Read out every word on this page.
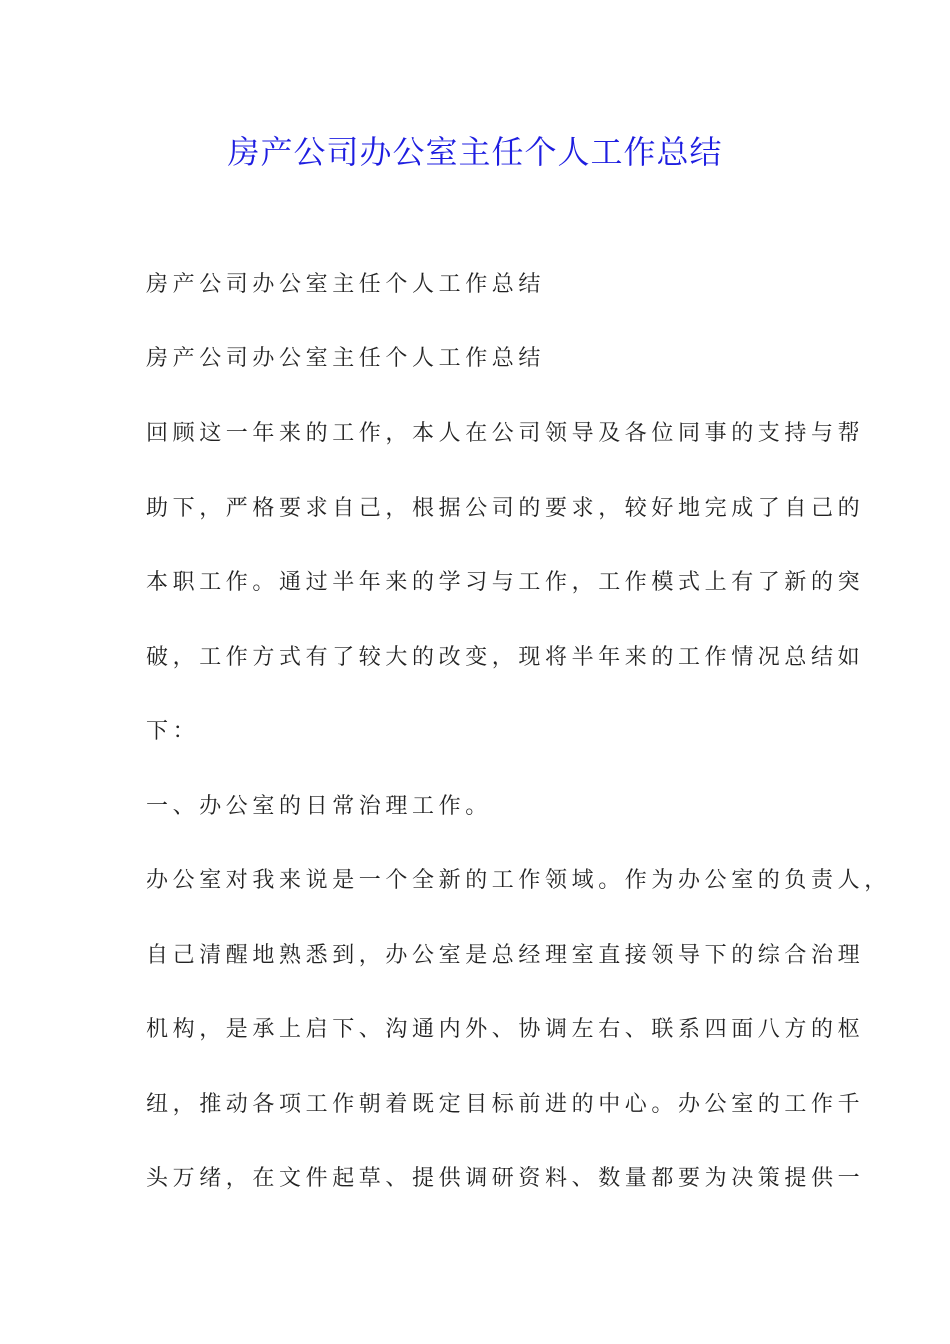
房产公司办公室主任个人工作总结
房产公司办公室主任个人工作总结
房产公司办公室主任个人工作总结
回顾这一年来的工作，本人在公司领导及各位同事的支持与帮
助下，严格要求自己，根据公司的要求，较好地完成了自己的
本职工作。通过半年来的学习与工作，工作模式上有了新的突
破，工作方式有了较大的改变，现将半年来的工作情况总结如
下：
一、办公室的日常治理工作。
办公室对我来说是一个全新的工作领域。作为办公室的负责人，
自己清醒地熟悉到，办公室是总经理室直接领导下的综合治理
机构，是承上启下、沟通内外、协调左右、联系四面八方的枢
纽，推动各项工作朝着既定目标前进的中心。办公室的工作千
头万绪，在文件起草、提供调研资料、数量都要为决策提供一
